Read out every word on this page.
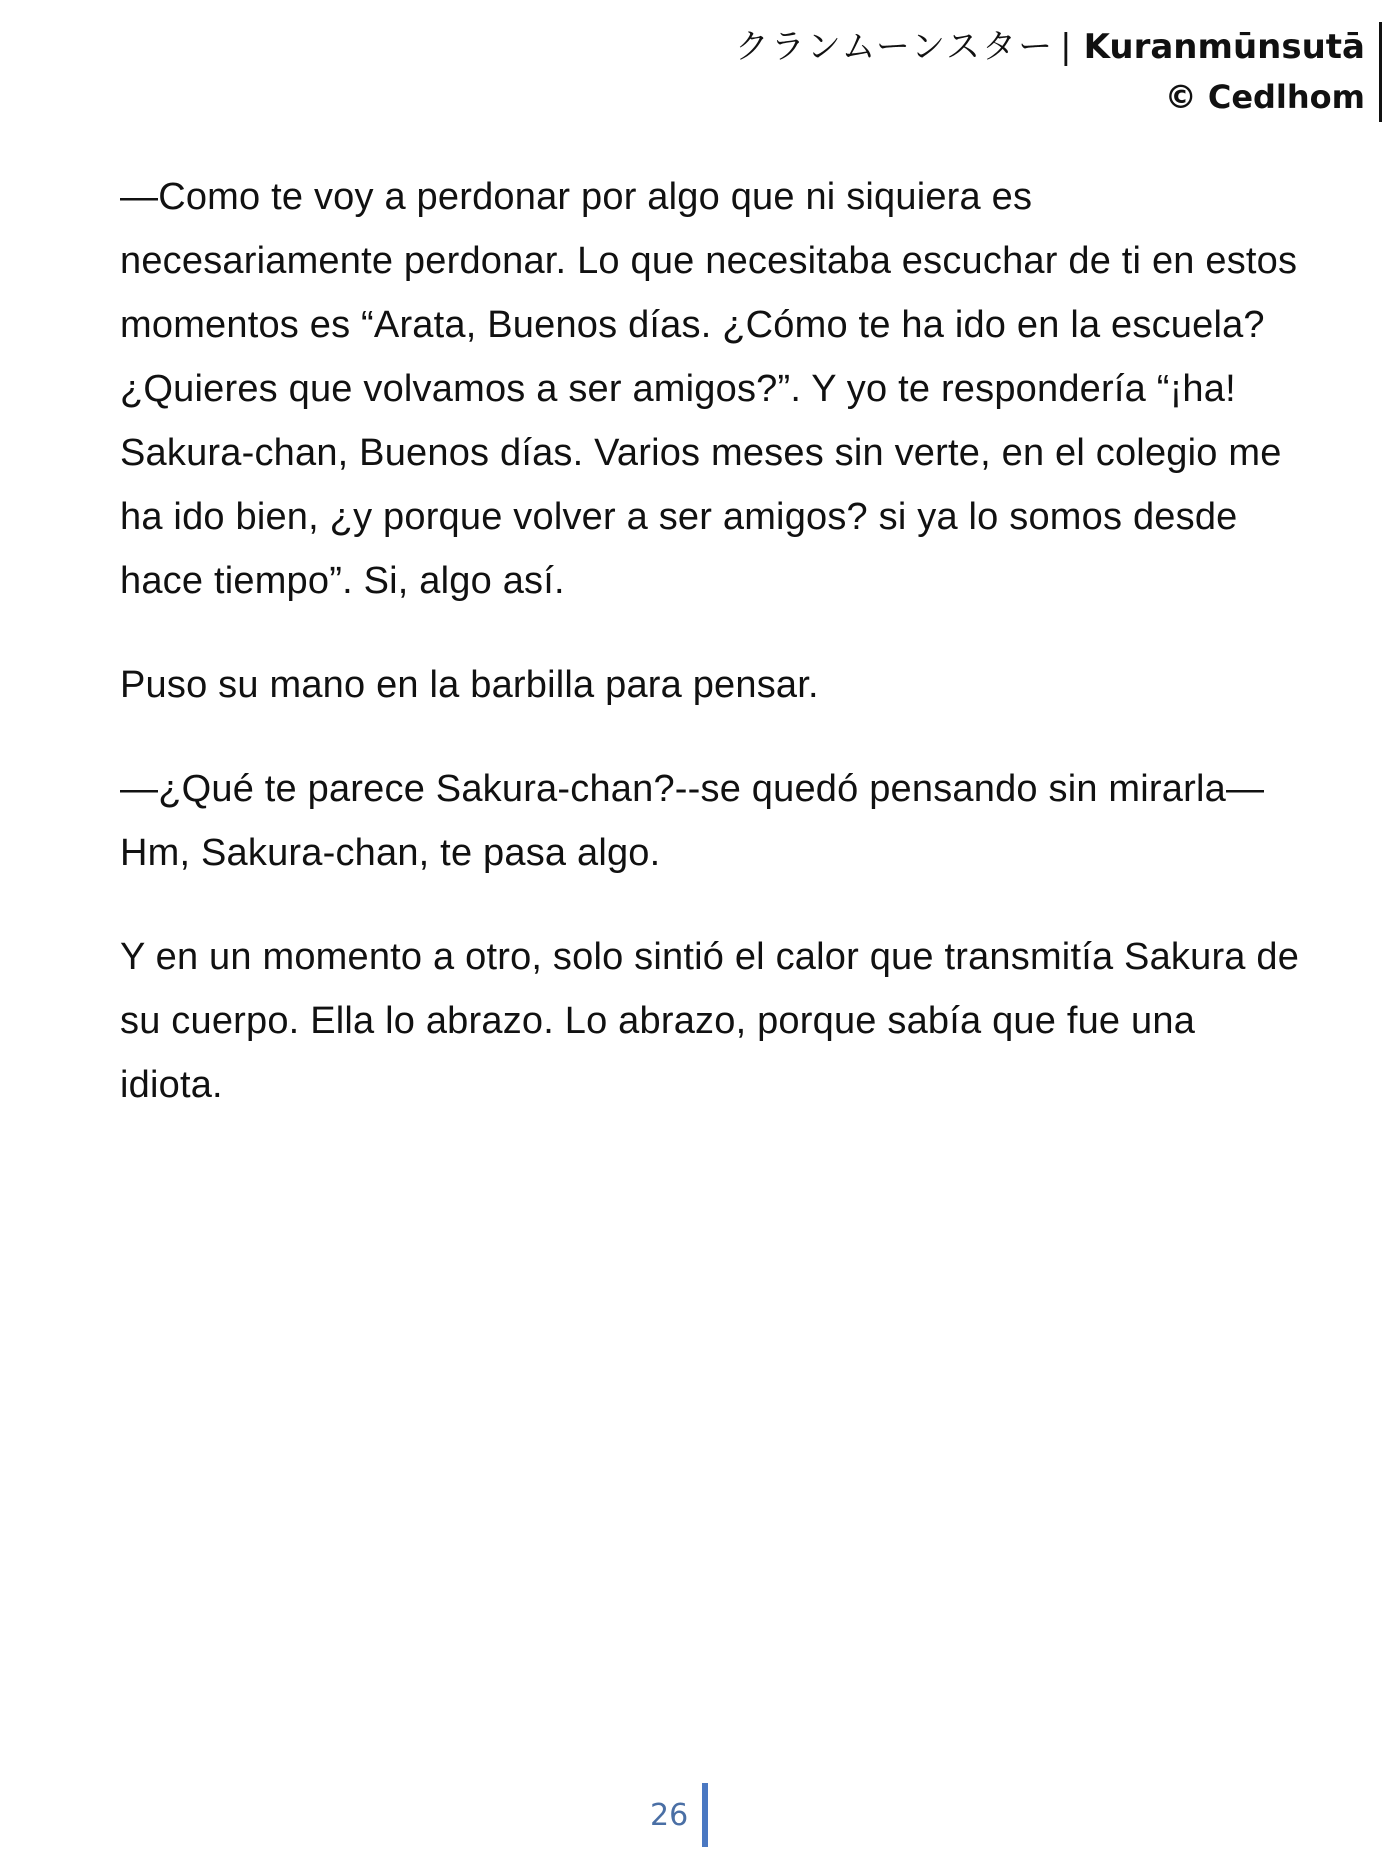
クランムーンスター | Kuranmūnsutā
© Cedlhom

—Como te voy a perdonar por algo que ni siquiera es necesariamente perdonar. Lo que necesitaba escuchar de ti en estos momentos es “Arata, Buenos días. ¿Cómo te ha ido en la escuela? ¿Quieres que volvamos a ser amigos?”. Y yo te respondería “¡ha! Sakura-chan, Buenos días. Varios meses sin verte, en el colegio me ha ido bien, ¿y porque volver a ser amigos? si ya lo somos desde hace tiempo”. Si, algo así.

Puso su mano en la barbilla para pensar.

—¿Qué te parece Sakura-chan?--se quedó pensando sin mirarla—Hm, Sakura-chan, te pasa algo.

Y en un momento a otro, solo sintió el calor que transmitía Sakura de su cuerpo. Ella lo abrazo. Lo abrazo, porque sabía que fue una idiota.

26
